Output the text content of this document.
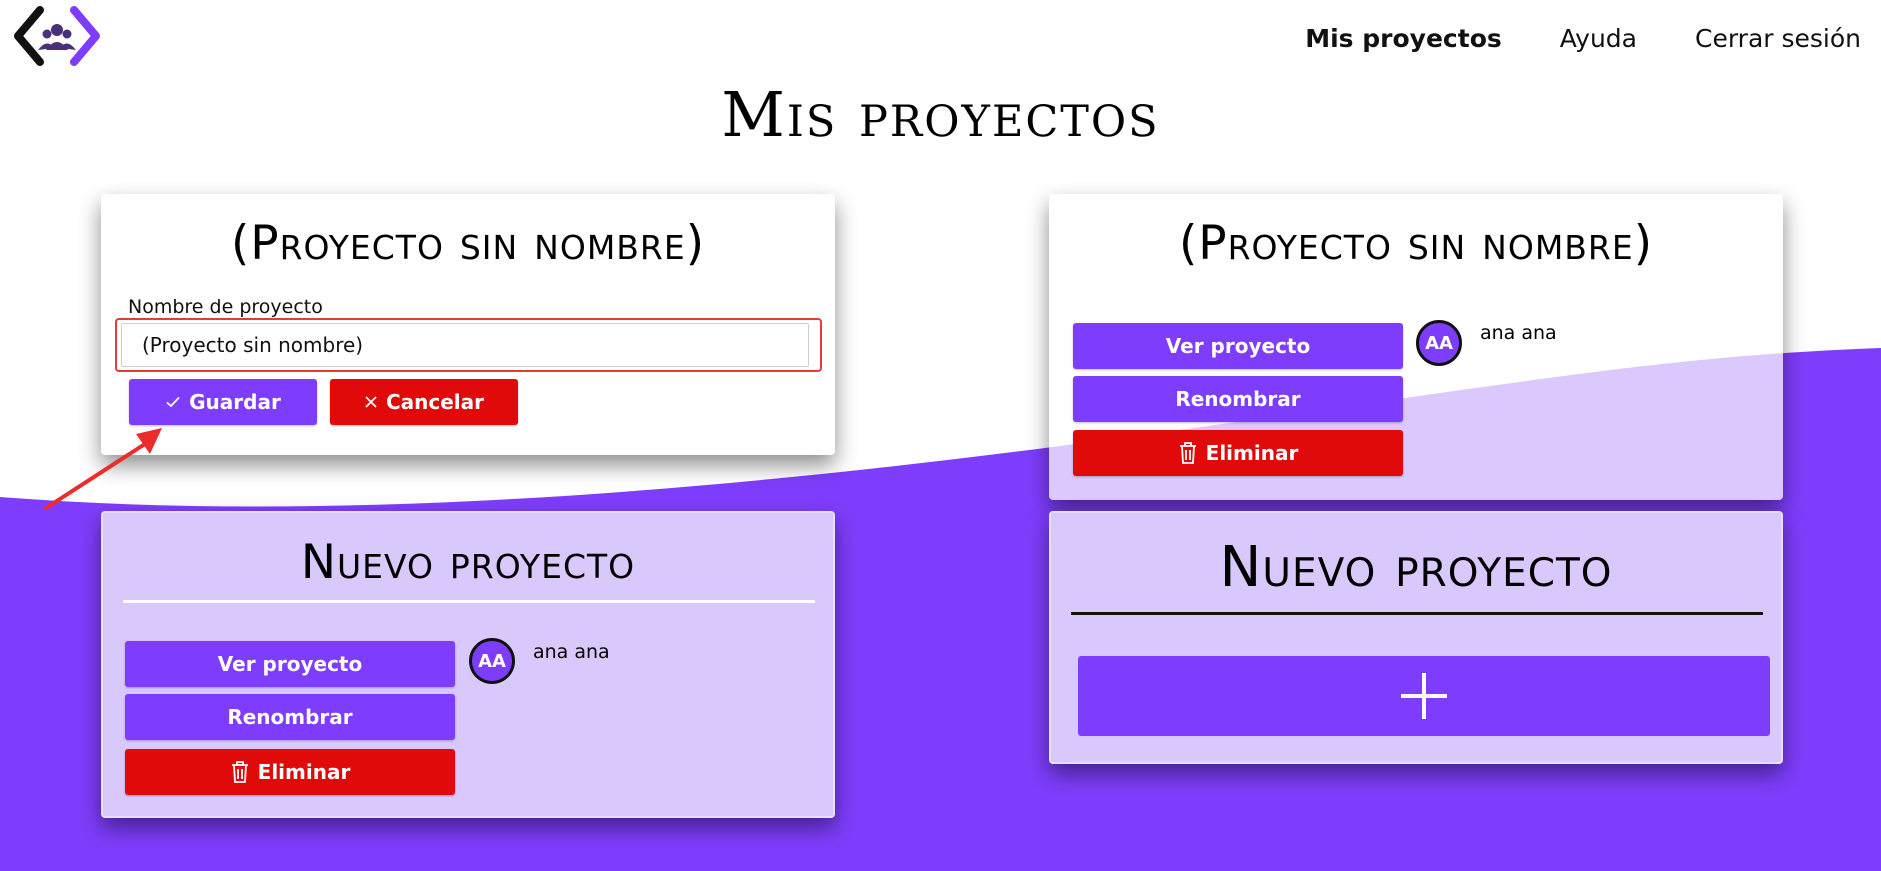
Mis proyectos Ayuda Cerrar sesión
Mis proyectos
(Proyecto sin nombre)
Nombre de proyecto
(Proyecto sin nombre)
Guardar	Cancelar
(Proyecto sin nombre)
Ver proyecto
Renombrar
Eliminar
AA	ana ana
Nuevo proyecto
Ver proyecto
Renombrar
Eliminar
AA	ana ana
Nuevo proyecto
